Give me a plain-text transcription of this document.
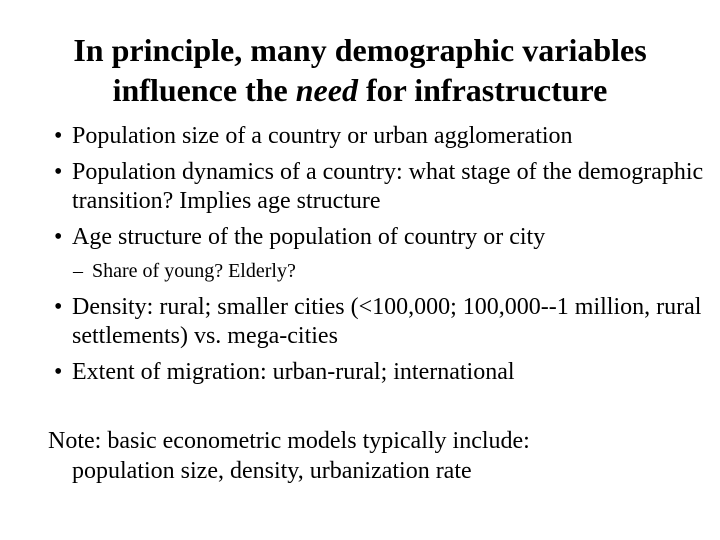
In principle, many demographic variables
influence the need for infrastructure
• Population size of a country or urban agglomeration
• Population dynamics of a country: what stage of the demographic transition? Implies age structure
• Age structure of the population of country or city
– Share of young? Elderly?
• Density: rural; smaller cities (<100,000; 100,000--1 million, rural settlements) vs. mega-cities
• Extent of migration: urban-rural; international
Note: basic econometric models typically include:
population size, density, urbanization rate
